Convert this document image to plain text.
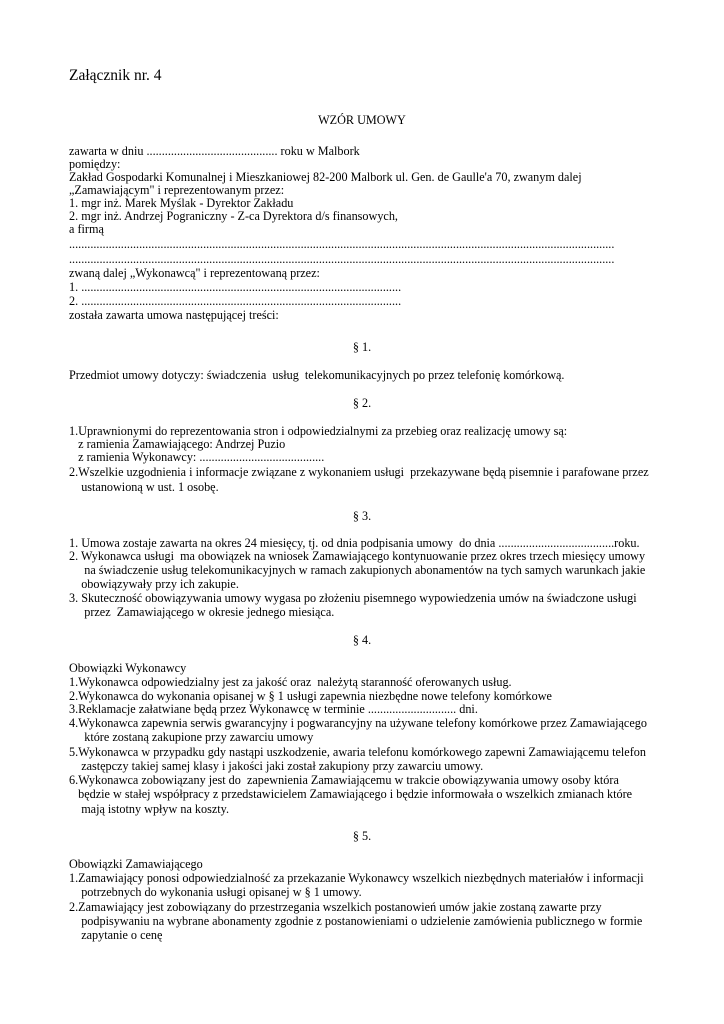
Załącznik nr. 4
WZÓR UMOWY
zawarta w dniu ........................................... roku w Malbork
pomiędzy:
Zakład Gospodarki Komunalnej i Mieszkaniowej 82-200 Malbork ul. Gen. de Gaulle'a 70, zwanym dalej
„Zamawiającym" i reprezentowanym przez:
1. mgr inż. Marek Myślak - Dyrektor Zakładu
2. mgr inż. Andrzej Pograniczny - Z-ca Dyrektora d/s finansowych,
a firmą
...................................................................................................................................................................................
...................................................................................................................................................................................
zwaną dalej „Wykonawcą" i reprezentowaną przez:
1. .........................................................................................................
2. .........................................................................................................
została zawarta umowa następującej treści:
§ 1.
Przedmiot umowy dotyczy: świadczenia  usług  telekomunikacyjnych po przez telefonię komórkową.
§ 2.
1.Uprawnionymi do reprezentowania stron i odpowiedzialnymi za przebieg oraz realizację umowy są:
z ramienia Zamawiającego: Andrzej Puzio
z ramienia Wykonawcy: .........................................
2.Wszelkie uzgodnienia i informacje związane z wykonaniem usługi  przekazywane będą pisemnie i parafowane przez
ustanowioną w ust. 1 osobę.
§ 3.
1. Umowa zostaje zawarta na okres 24 miesięcy, tj. od dnia podpisania umowy  do dnia ......................................roku.
2. Wykonawca usługi  ma obowiązek na wniosek Zamawiającego kontynuowanie przez okres trzech miesięcy umowy
na świadczenie usług telekomunikacyjnych w ramach zakupionych abonamentów na tych samych warunkach jakie
obowiązywały przy ich zakupie.
3. Skuteczność obowiązywania umowy wygasa po złożeniu pisemnego wypowiedzenia umów na świadczone usługi
przez  Zamawiającego w okresie jednego miesiąca.
§ 4.
Obowiązki Wykonawcy
1.Wykonawca odpowiedzialny jest za jakość oraz  należytą staranność oferowanych usług.
2.Wykonawca do wykonania opisanej w § 1 usługi zapewnia niezbędne nowe telefony komórkowe
3.Reklamacje załatwiane będą przez Wykonawcę w terminie ............................. dni.
4.Wykonawca zapewnia serwis gwarancyjny i pogwarancyjny na używane telefony komórkowe przez Zamawiającego
które zostaną zakupione przy zawarciu umowy
5.Wykonawca w przypadku gdy nastąpi uszkodzenie, awaria telefonu komórkowego zapewni Zamawiającemu telefon
zastępczy takiej samej klasy i jakości jaki został zakupiony przy zawarciu umowy.
6.Wykonawca zobowiązany jest do  zapewnienia Zamawiającemu w trakcie obowiązywania umowy osoby która
będzie w stałej współpracy z przedstawicielem Zamawiającego i będzie informowała o wszelkich zmianach które
mają istotny wpływ na koszty.
§ 5.
Obowiązki Zamawiającego
1.Zamawiający ponosi odpowiedzialność za przekazanie Wykonawcy wszelkich niezbędnych materiałów i informacji
potrzebnych do wykonania usługi opisanej w § 1 umowy.
2.Zamawiający jest zobowiązany do przestrzegania wszelkich postanowień umów jakie zostaną zawarte przy
podpisywaniu na wybrane abonamenty zgodnie z postanowieniami o udzielenie zamówienia publicznego w formie
zapytanie o cenę
